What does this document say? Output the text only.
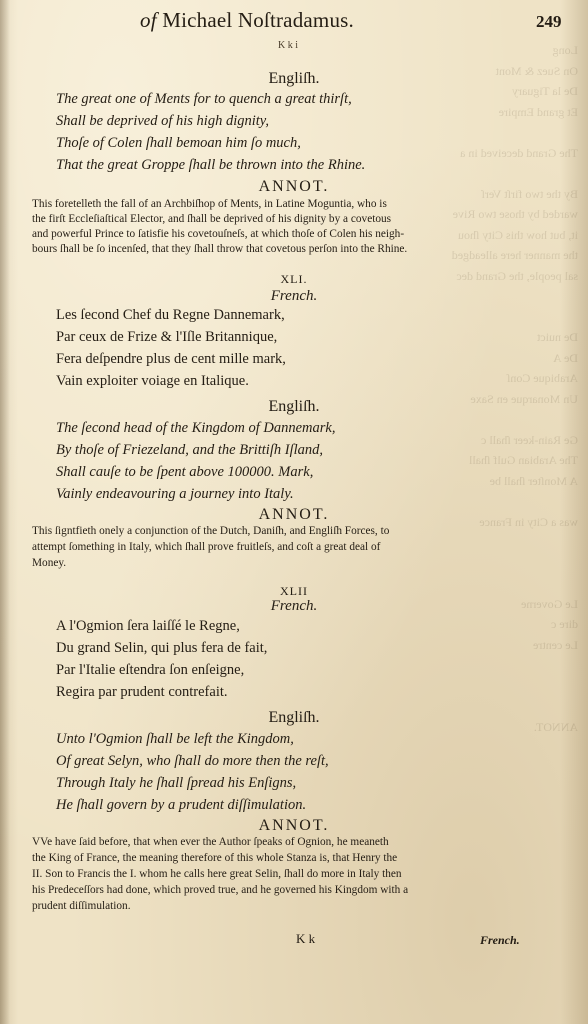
Long
On Suez & Mont
De la Tiguary
Et grand Empire
The Grand deceived in a
By the two firſt Verſ
warded by those two Rive
it, but how this City ſhou
the manner here alleadged
sal people, the Grand dec
De nuict
De A
Arabique Conſ
Un Monarque en Saxe
Ge Rain-keer ſhall c
The Arabian Gulf ſhall
A Monſter ſhall be
was a City in France
Le Governe
dire c
Le centre
ANNOT.
of Michael Noſtradamus.	249
K k i
Engliſh.
The great one of Ments for to quench a great thirſt,
Shall be deprived of his high dignity,
Thoſe of Colen ſhall bemoan him ſo much,
That the great Groppe ſhall be thrown into the Rhine.
ANNOT.
This foretelleth the fall of an Archbiſhop of Ments, in Latine Moguntia, who is
the firſt Eccleſiaſtical Elector, and ſhall be deprived of his dignity by a covetous
and powerful Prince to ſatisfie his covetouſneſs, at which thoſe of Colen his neigh-
bours ſhall be ſo incenſed, that they ſhall throw that covetous perſon into the Rhine.
XLI.
French.
Les ſecond Chef du Regne Dannemark,
Par ceux de Frize & l'Iſle Britannique,
Fera deſpendre plus de cent mille mark,
Vain exploiter voiage en Italique.
Engliſh.
The ſecond head of the Kingdom of Dannemark,
By thoſe of Friezeland, and the Brittiſh Iſland,
Shall cauſe to be ſpent above 100000. Mark,
Vainly endeavouring a journey into Italy.
ANNOT.
This ſigntfieth onely a conjunction of the Dutch, Daniſh, and Engliſh Forces, to
attempt ſomething in Italy, which ſhall prove fruitleſs, and coſt a great deal of
Money.
XLII
French.
A l'Ogmion ſera laiſſé le Regne,
Du grand Selin, qui plus fera de fait,
Par l'Italie eſtendra ſon enſeigne,
Regira par prudent contrefait.
Engliſh.
Unto l'Ogmion ſhall be left the Kingdom,
Of great Selyn, who ſhall do more then the reſt,
Through Italy he ſhall ſpread his Enſigns,
He ſhall govern by a prudent diſſimulation.
ANNOT.
VVe have ſaid before, that when ever the Author ſpeaks of Ognion, he meaneth
the King of France, the meaning therefore of this whole Stanza is, that Henry the
II. Son to Francis the I. whom he calls here great Selin, ſhall do more in Italy then
his Predeceſſors had done, which proved true, and he governed his Kingdom with a
prudent diſſimulation.
K k	French.
